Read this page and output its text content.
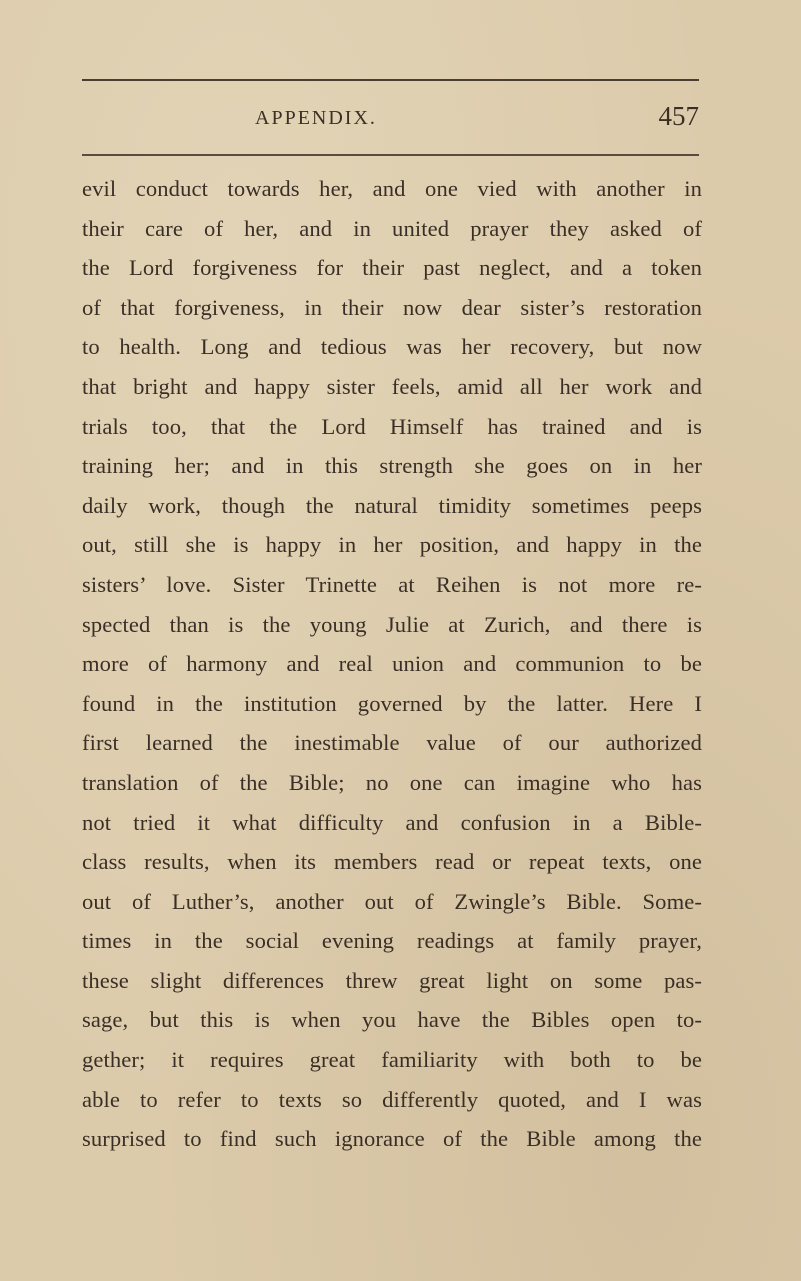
APPENDIX.	457
evil conduct towards her, and one vied with another in
their care of her, and in united prayer they asked of
the Lord forgiveness for their past neglect, and a token
of that forgiveness, in their now dear sister’s restoration
to health. Long and tedious was her recovery, but now
that bright and happy sister feels, amid all her work and
trials too, that the Lord Himself has trained and is
training her; and in this strength she goes on in her
daily work, though the natural timidity sometimes peeps
out, still she is happy in her position, and happy in the
sisters’ love. Sister Trinette at Reihen is not more re-
spected than is the young Julie at Zurich, and there is
more of harmony and real union and communion to be
found in the institution governed by the latter. Here I
first learned the inestimable value of our authorized
translation of the Bible; no one can imagine who has
not tried it what difficulty and confusion in a Bible-
class results, when its members read or repeat texts, one
out of Luther’s, another out of Zwingle’s Bible. Some-
times in the social evening readings at family prayer,
these slight differences threw great light on some pas-
sage, but this is when you have the Bibles open to-
gether; it requires great familiarity with both to be
able to refer to texts so differently quoted, and I was
surprised to find such ignorance of the Bible among the
